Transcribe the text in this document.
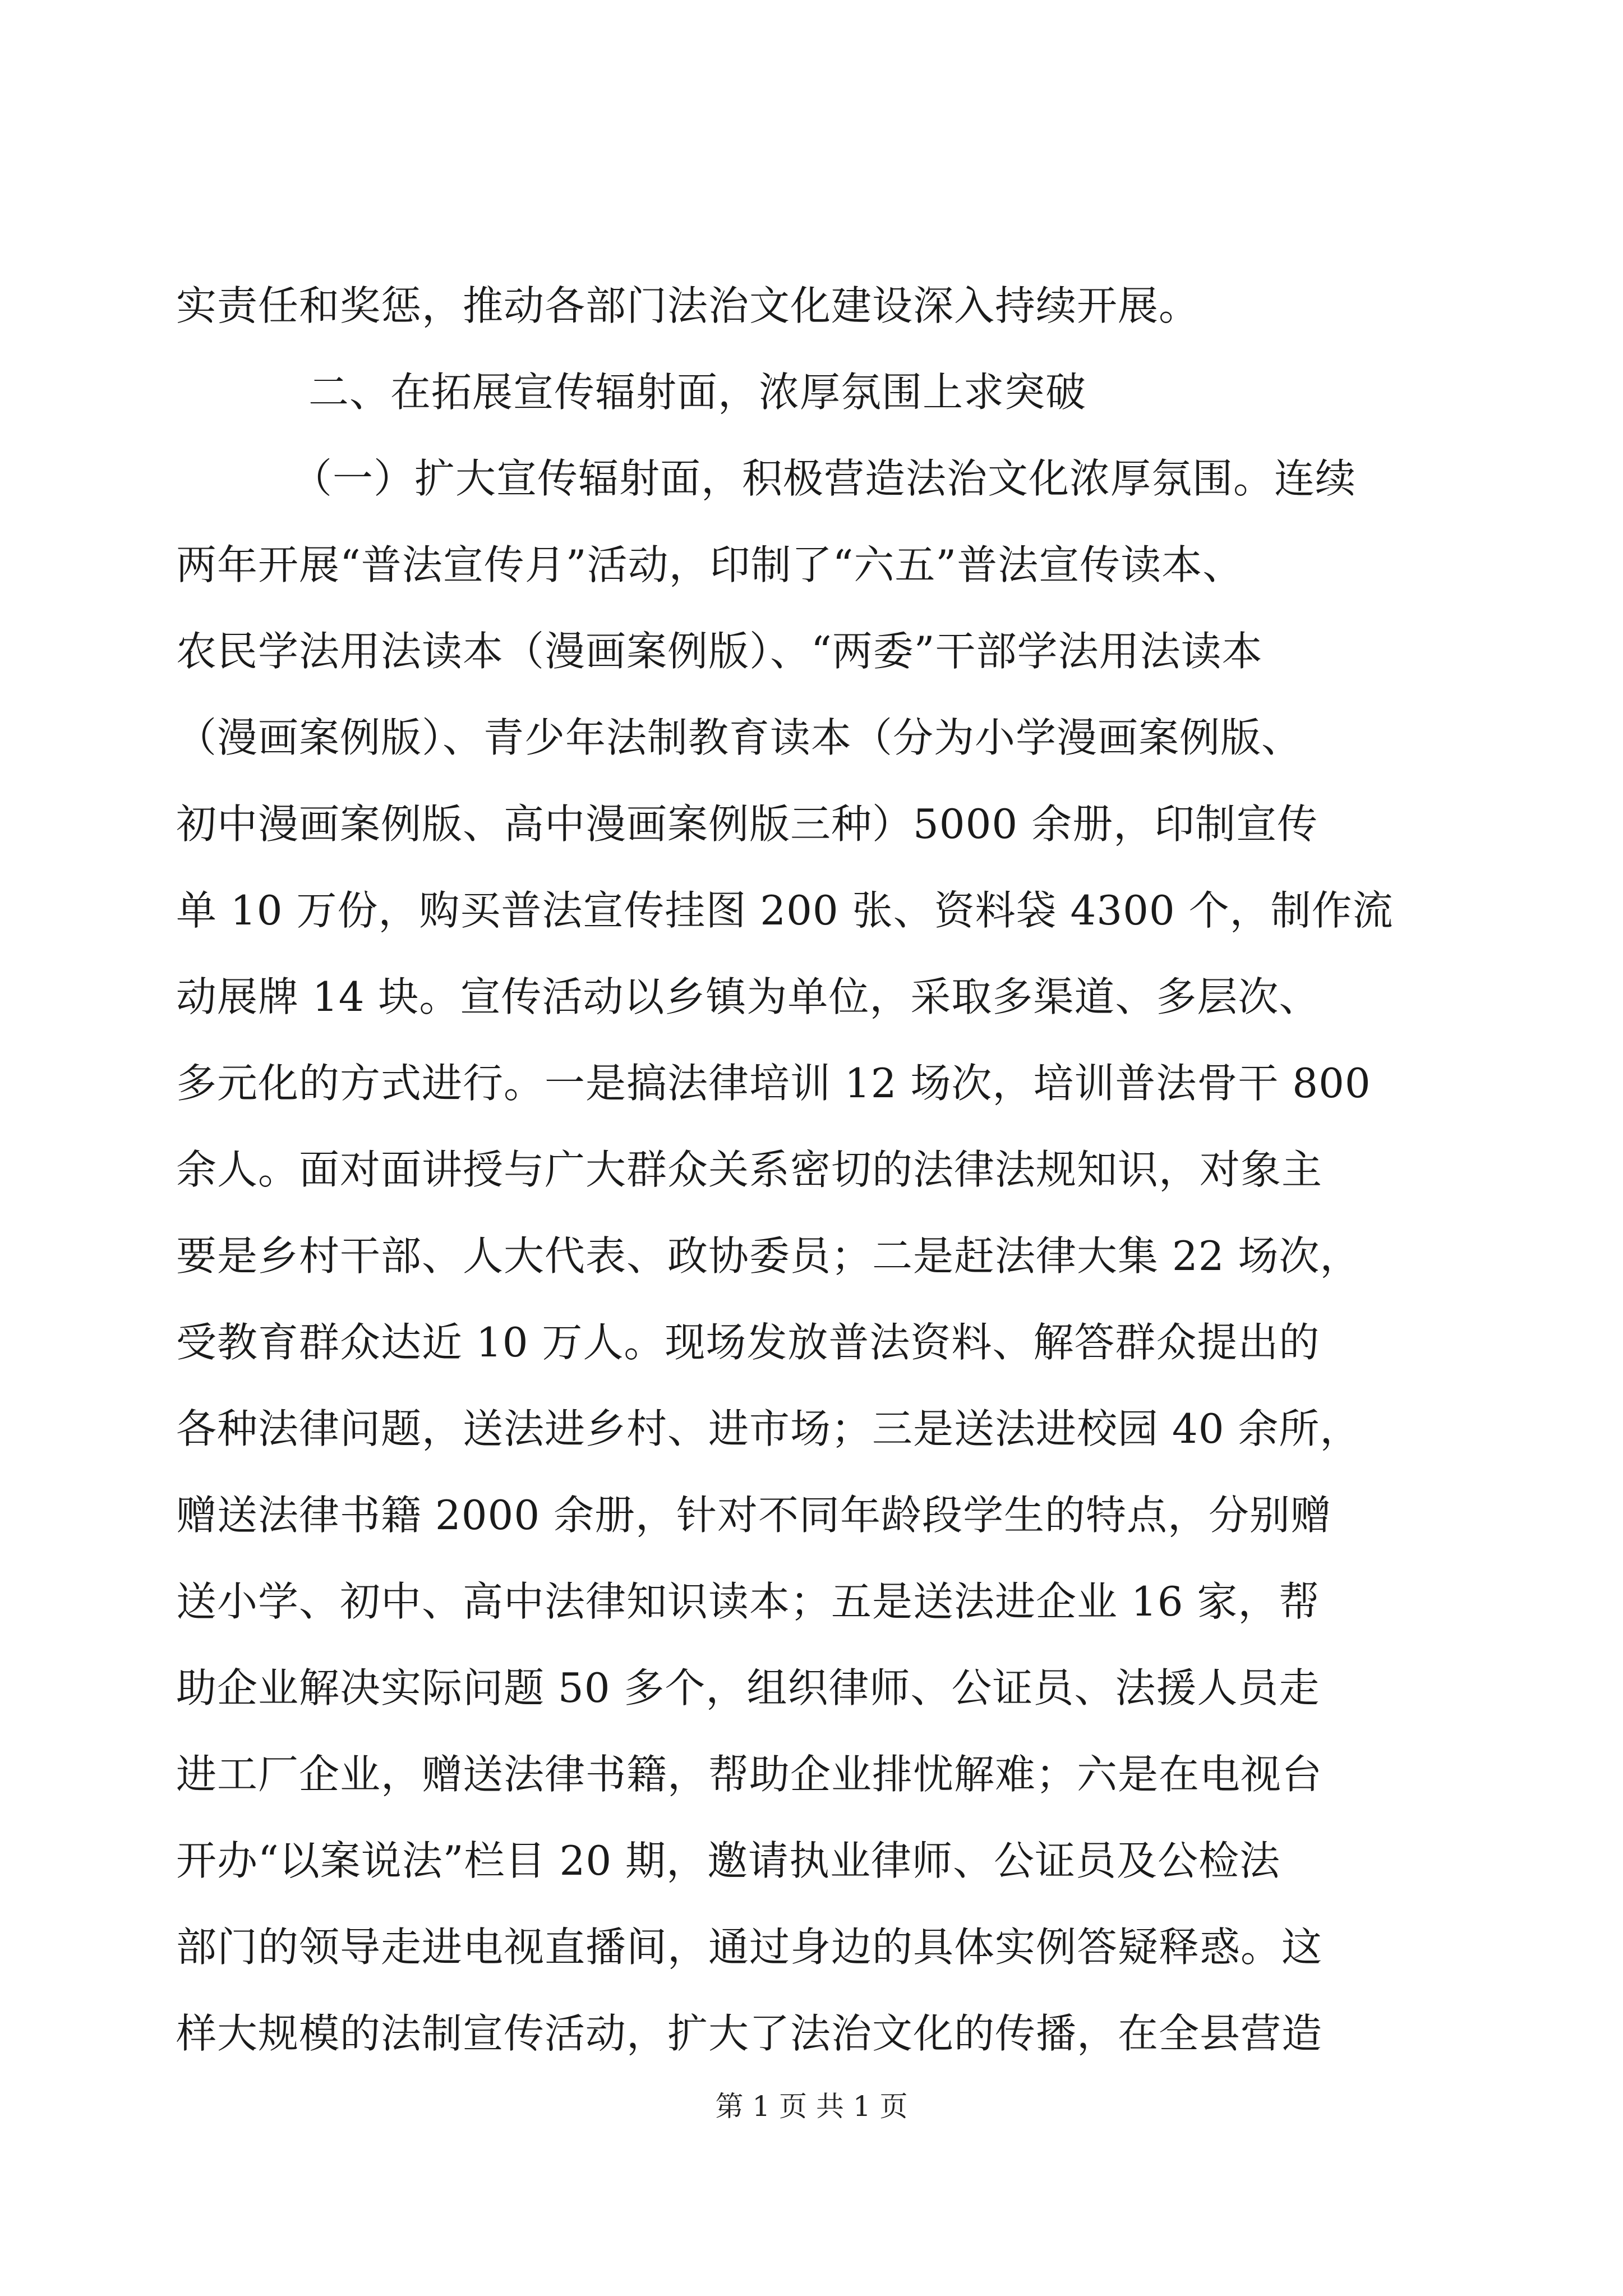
实责任和奖惩，推动各部门法治文化建设深入持续开展。
二、在拓展宣传辐射面，浓厚氛围上求突破
（一）扩大宣传辐射面，积极营造法治文化浓厚氛围。连续
两年开展“普法宣传月”活动，印制了“六五”普法宣传读本、
农民学法用法读本（漫画案例版）、“两委”干部学法用法读本
（漫画案例版）、青少年法制教育读本（分为小学漫画案例版、
初中漫画案例版、高中漫画案例版三种）5000 余册，印制宣传
单 10 万份，购买普法宣传挂图 200 张、资料袋 4300 个，制作流
动展牌 14 块。宣传活动以乡镇为单位，采取多渠道、多层次、
多元化的方式进行。一是搞法律培训 12 场次，培训普法骨干 800
余人。面对面讲授与广大群众关系密切的法律法规知识，对象主
要是乡村干部、人大代表、政协委员；二是赶法律大集 22 场次，
受教育群众达近 10 万人。现场发放普法资料、解答群众提出的
各种法律问题，送法进乡村、进市场；三是送法进校园 40 余所，
赠送法律书籍 2000 余册，针对不同年龄段学生的特点，分别赠
送小学、初中、高中法律知识读本；五是送法进企业 16 家，帮
助企业解决实际问题 50 多个，组织律师、公证员、法援人员走
进工厂企业，赠送法律书籍，帮助企业排忧解难；六是在电视台
开办“以案说法”栏目 20 期，邀请执业律师、公证员及公检法
部门的领导走进电视直播间，通过身边的具体实例答疑释惑。这
样大规模的法制宣传活动，扩大了法治文化的传播，在全县营造
第 1 页 共 1 页
